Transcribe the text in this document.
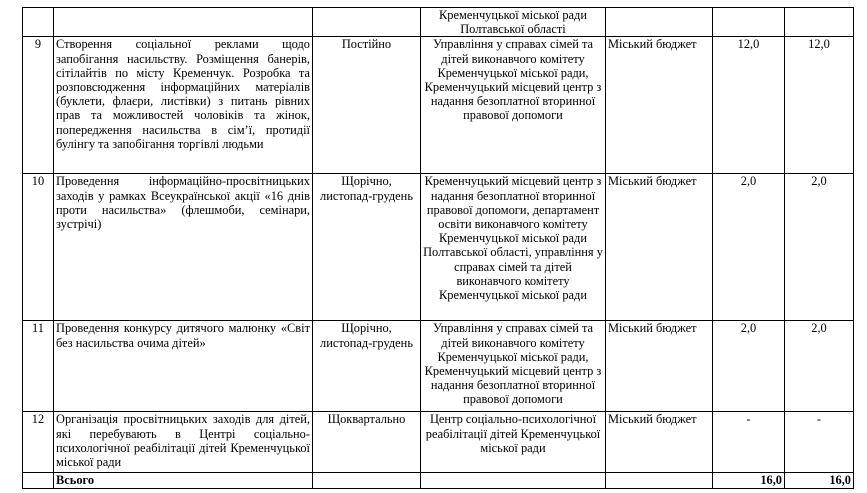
			Кременчуцької міської ради Полтавської області			
9	Створення соціальної реклами щодо запобігання насильству. Розміщення банерів, сітілайтів по місту Кременчук. Розробка та розповсюдження інформаційних матеріалів (буклети, флаєри, листівки) з питань рівних прав та можливостей чоловіків та жінок, попередження насильства в сім’ї, протидії булінгу та запобігання торгівлі людьми	Постійно	Управління у справах сімей та дітей виконавчого комітету Кременчуцької міської ради, Кременчуцький місцевий центр з надання безоплатної вторинної правової допомоги	Міський бюджет	12,0	12,0
10	Проведення інформаційно-просвітницьких заходів у рамках Всеукраїнської акції «16 днів проти насильства» (флешмоби, семінари, зустрічі)	Щорічно, листопад-грудень	Кременчуцький місцевий центр з надання безоплатної вторинної правової допомоги, департамент освіти виконавчого комітету Кременчуцької міської ради Полтавської області, управління у справах сімей та дітей виконавчого комітету Кременчуцької міської ради	Міський бюджет	2,0	2,0
11	Проведення конкурсу дитячого малюнку «Світ без насильства очима дітей»	Щорічно, листопад-грудень	Управління у справах сімей та дітей виконавчого комітету Кременчуцької міської ради, Кременчуцький місцевий центр з надання безоплатної вторинної правової допомоги	Міський бюджет	2,0	2,0
12	Організація просвітницьких заходів для дітей, які перебувають в Центрі соціально-психологічної реабілітації дітей Кременчуцької міської ради	Щоквартально	Центр соціально-психологічної реабілітації дітей Кременчуцької міської ради	Міський бюджет	-	-
	Всього				16,0	16,0
